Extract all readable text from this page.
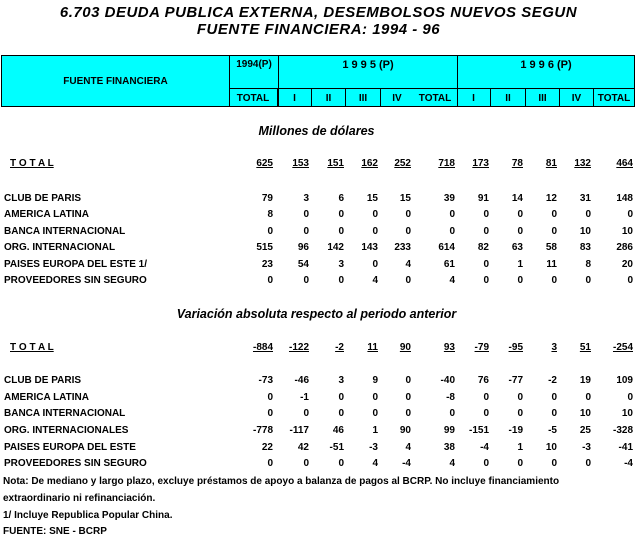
6.703 DEUDA PUBLICA EXTERNA, DESEMBOLSOS NUEVOS SEGUN
FUENTE FINANCIERA: 1994 - 96
FUENTE FINANCIERA
1994(P)	1 9 9 5 (P)	1 9 9 6 (P)
TOTAL	I	II	III	IV	TOTAL	I	II	III	IV	TOTAL
Millones de dólares
T O T A L	625	153	151	162	252	718	173	78	81	132	464
CLUB DE PARIS	79	3	6	15	15	39	91	14	12	31	148
AMERICA LATINA	8	0	0	0	0	0	0	0	0	0	0
BANCA INTERNACIONAL	0	0	0	0	0	0	0	0	0	10	10
ORG. INTERNACIONAL	515	96	142	143	233	614	82	63	58	83	286
PAISES EUROPA DEL ESTE 1/	23	54	3	0	4	61	0	1	11	8	20
PROVEEDORES SIN SEGURO	0	0	0	4	0	4	0	0	0	0	0
Variación absoluta respecto al periodo anterior
T O T A L	-884	-122	-2	11	90	93	-79	-95	3	51	-254
CLUB DE PARIS	-73	-46	3	9	0	-40	76	-77	-2	19	109
AMERICA LATINA	0	-1	0	0	0	-8	0	0	0	0	0
BANCA INTERNACIONAL	0	0	0	0	0	0	0	0	0	10	10
ORG. INTERNACIONALES	-778	-117	46	1	90	99	-151	-19	-5	25	-328
PAISES EUROPA DEL ESTE	22	42	-51	-3	4	38	-4	1	10	-3	-41
PROVEEDORES SIN SEGURO	0	0	0	4	-4	4	0	0	0	0	-4
Nota: De mediano y largo plazo, excluye préstamos de apoyo a balanza de pagos al BCRP. No incluye financiamiento
extraordinario ni refinanciación.
1/ Incluye Republica Popular China.
FUENTE: SNE - BCRP
